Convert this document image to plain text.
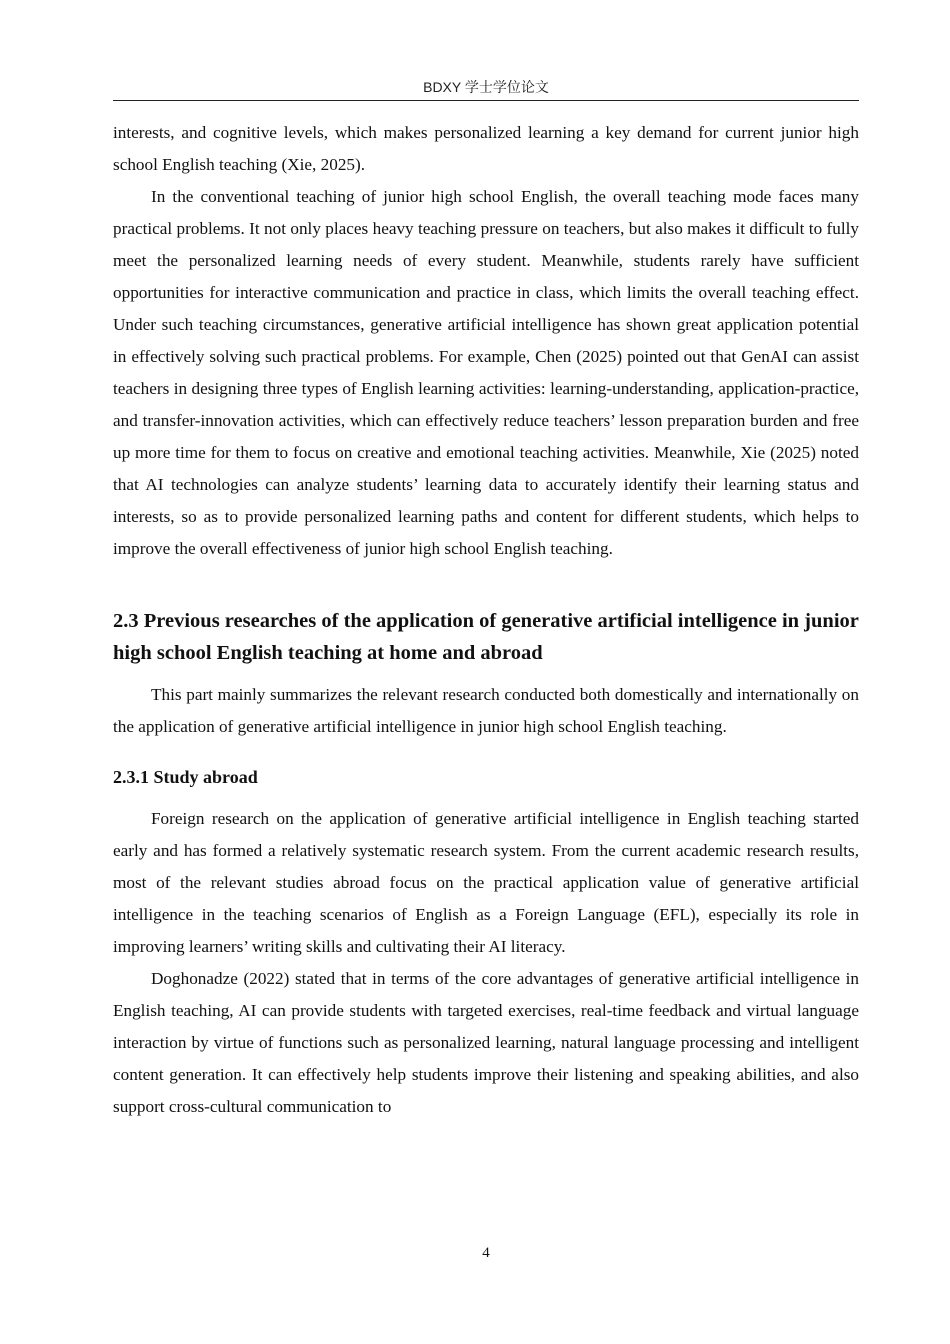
BDXY 学士学位论文

interests, and cognitive levels, which makes personalized learning a key demand for current junior high school English teaching (Xie, 2025).

In the conventional teaching of junior high school English, the overall teaching mode faces many practical problems. It not only places heavy teaching pressure on teachers, but also makes it difficult to fully meet the personalized learning needs of every student. Meanwhile, students rarely have sufficient opportunities for interactive communication and practice in class, which limits the overall teaching effect. Under such teaching circumstances, generative artificial intelligence has shown great application potential in effectively solving such practical problems. For example, Chen (2025) pointed out that GenAI can assist teachers in designing three types of English learning activities: learning-understanding, application-practice, and transfer-innovation activities, which can effectively reduce teachers’ lesson preparation burden and free up more time for them to focus on creative and emotional teaching activities. Meanwhile, Xie (2025) noted that AI technologies can analyze students’ learning data to accurately identify their learning status and interests, so as to provide personalized learning paths and content for different students, which helps to improve the overall effectiveness of junior high school English teaching.

2.3 Previous researches of the application of generative artificial intelligence in junior high school English teaching at home and abroad

This part mainly summarizes the relevant research conducted both domestically and internationally on the application of generative artificial intelligence in junior high school English teaching.

2.3.1 Study abroad

Foreign research on the application of generative artificial intelligence in English teaching started early and has formed a relatively systematic research system. From the current academic research results, most of the relevant studies abroad focus on the practical application value of generative artificial intelligence in the teaching scenarios of English as a Foreign Language (EFL), especially its role in improving learners’ writing skills and cultivating their AI literacy.

Doghonadze (2022) stated that in terms of the core advantages of generative artificial intelligence in English teaching, AI can provide students with targeted exercises, real-time feedback and virtual language interaction by virtue of functions such as personalized learning, natural language processing and intelligent content generation. It can effectively help students improve their listening and speaking abilities, and also support cross-cultural communication to

4
